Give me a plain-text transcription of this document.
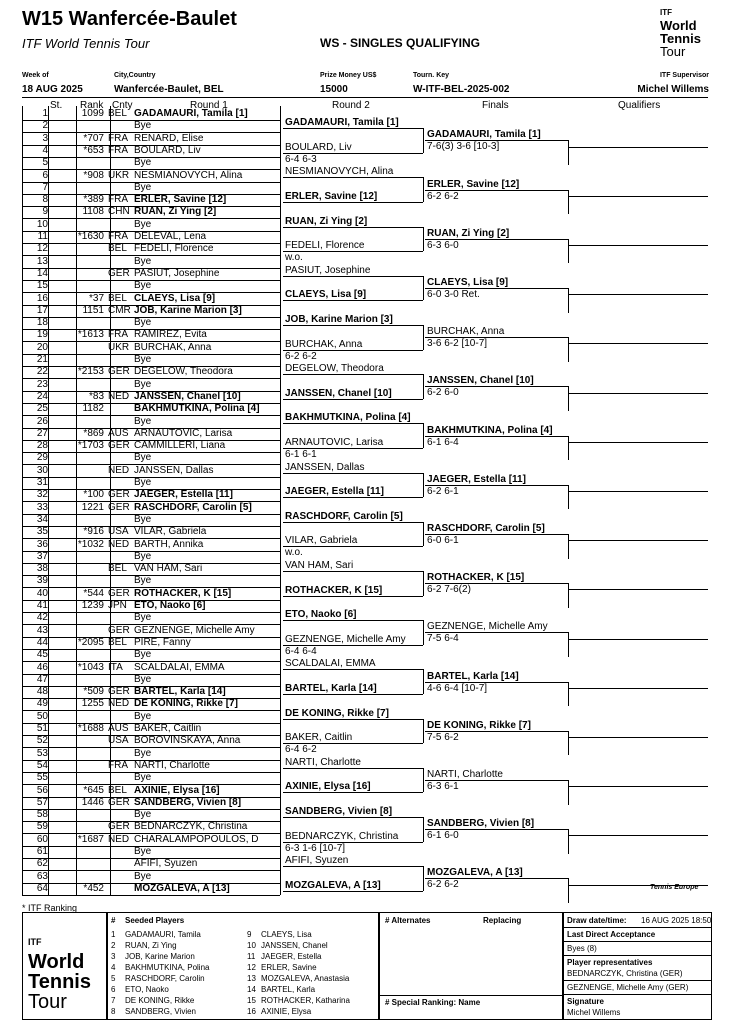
W15 Wanfercée-Baulet
ITF World Tennis Tour	WS - SINGLES QUALIFYING
ITF
World
Tennis
Tour
Week of
18 AUG 2025
City,Country
Wanfercée-Baulet, BEL
Prize Money US$
15000
Tourn. Key
W-ITF-BEL-2025-002
ITF Supervisor
Michel Willems
St. Rank Cnty	Round 1	Round 2	Finals	Qualifiers
1	1099 BEL GADAMAURI, Tamila [1]
2	Bye
3	*707 FRA RENARD, Elise
4	*653 FRA BOULARD, Liv
5	Bye
6	*908 UKR NESMIANOVYCH, Alina
7	Bye
8	*389 FRA ERLER, Savine [12]
9	1108 CHN RUAN, Zi Ying [2]
10	Bye
11	*1630 FRA DELEVAL, Lena
12	BEL FEDELI, Florence
13	Bye
14	GER PASIUT, Josephine
15	Bye
16	*37 BEL CLAEYS, Lisa [9]
17	1151 CMR JOB, Karine Marion [3]
18	Bye
19	*1613 FRA RAMIREZ, Evita
20	UKR BURCHAK, Anna
21	Bye
22	*2153 GER DEGELOW, Theodora
23	Bye
24	*83 NED JANSSEN, Chanel [10]
25	1182	BAKHMUTKINA, Polina [4]
26	Bye
27	*869 AUS ARNAUTOVIC, Larisa
28	*1703 GER CAMMILLERI, Liana
29	Bye
30	NED JANSSEN, Dallas
31	Bye
32	*100 GER JAEGER, Estella [11]
33	1221 GER RASCHDORF, Carolin [5]
34	Bye
35	*916 USA VILAR, Gabriela
36	*1032 NED BARTH, Annika
37	Bye
38	BEL VAN HAM, Sari
39	Bye
40	*544 GER ROTHACKER, K [15]
41	1239 JPN ETO, Naoko [6]
42	Bye
43	GER GEZNENGE, Michelle Amy
44	*2095 BEL PIRE, Fanny
45	Bye
46	*1043 ITA	SCALDALAI, EMMA
47	Bye
48	*509 GER BARTEL, Karla [14]
49	1255 NED DE KONING, Rikke [7]
50	Bye
51	*1688 AUS BAKER, Caitlin
52	USA BOROVINSKAYA, Anna
53	Bye
54	FRA NARTI, Charlotte
55	Bye
56	*645 BEL AXINIE, Elysa [16]
57	1446 GER SANDBERG, Vivien [8]
58	Bye
59	GER BEDNARCZYK, Christina
60	*1687 NED CHARALAMPOPOULOS, D
61	Bye
62	AFIFI, Syuzen
63	Bye
64	*452	MOZGALEVA, A [13]
GADAMAURI, Tamila [1]
BOULARD, Liv
6-4 6-3
NESMIANOVYCH, Alina
ERLER, Savine [12]
RUAN, Zi Ying [2]
FEDELI, Florence
w.o.
PASIUT, Josephine
CLAEYS, Lisa [9]
JOB, Karine Marion [3]
BURCHAK, Anna
6-2 6-2
DEGELOW, Theodora
JANSSEN, Chanel [10]
BAKHMUTKINA, Polina [4]
ARNAUTOVIC, Larisa
6-1 6-1
JANSSEN, Dallas
JAEGER, Estella [11]
RASCHDORF, Carolin [5]
VILAR, Gabriela
w.o.
VAN HAM, Sari
ROTHACKER, K [15]
ETO, Naoko [6]
GEZNENGE, Michelle Amy
6-4 6-4
SCALDALAI, EMMA
BARTEL, Karla [14]
DE KONING, Rikke [7]
BAKER, Caitlin
6-4 6-2
NARTI, Charlotte
AXINIE, Elysa [16]
SANDBERG, Vivien [8]
BEDNARCZYK, Christina
6-3 1-6 [10-7]
AFIFI, Syuzen
MOZGALEVA, A [13]
GADAMAURI, Tamila [1]
7-6(3) 3-6 [10-3]
ERLER, Savine [12]
6-2 6-2
RUAN, Zi Ying [2]
6-3 6-0
CLAEYS, Lisa [9]
6-0 3-0 Ret.
BURCHAK, Anna
3-6 6-2 [10-7]
JANSSEN, Chanel [10]
6-2 6-0
BAKHMUTKINA, Polina [4]
6-1 6-4
JAEGER, Estella [11]
6-2 6-1
RASCHDORF, Carolin [5]
6-0 6-1
ROTHACKER, K [15]
6-2 7-6(2)
GEZNENGE, Michelle Amy
7-5 6-4
BARTEL, Karla [14]
4-6 6-4 [10-7]
DE KONING, Rikke [7]
7-5 6-2
NARTI, Charlotte
6-3 6-1
SANDBERG, Vivien [8]
6-1 6-0
MOZGALEVA, A [13]
6-2 6-2
* ITF Ranking
Tennis Europe
ITF
World
Tennis
Tour
# Seeded Players
1 GADAMAURI, Tamila
2 RUAN, Zi Ying
3 JOB, Karine Marion
4 BAKHMUTKINA, Polina
5 RASCHDORF, Carolin
6 ETO, Naoko
7 DE KONING, Rikke
8 SANDBERG, Vivien
9 CLAEYS, Lisa
10 JANSSEN, Chanel
11 JAEGER, Estella
12 ERLER, Savine
13 MOZGALEVA, Anastasia
14 BARTEL, Karla
15 ROTHACKER, Katharina
16 AXINIE, Elysa
# Alternates	Replacing
# Special Ranking: Name
Draw date/time: 16 AUG 2025 18:50
Last Direct Acceptance
Byes (8)
Player representatives
BEDNARCZYK, Christina (GER)
GEZNENGE, Michelle Amy (GER)
Signature
Michel Willems
